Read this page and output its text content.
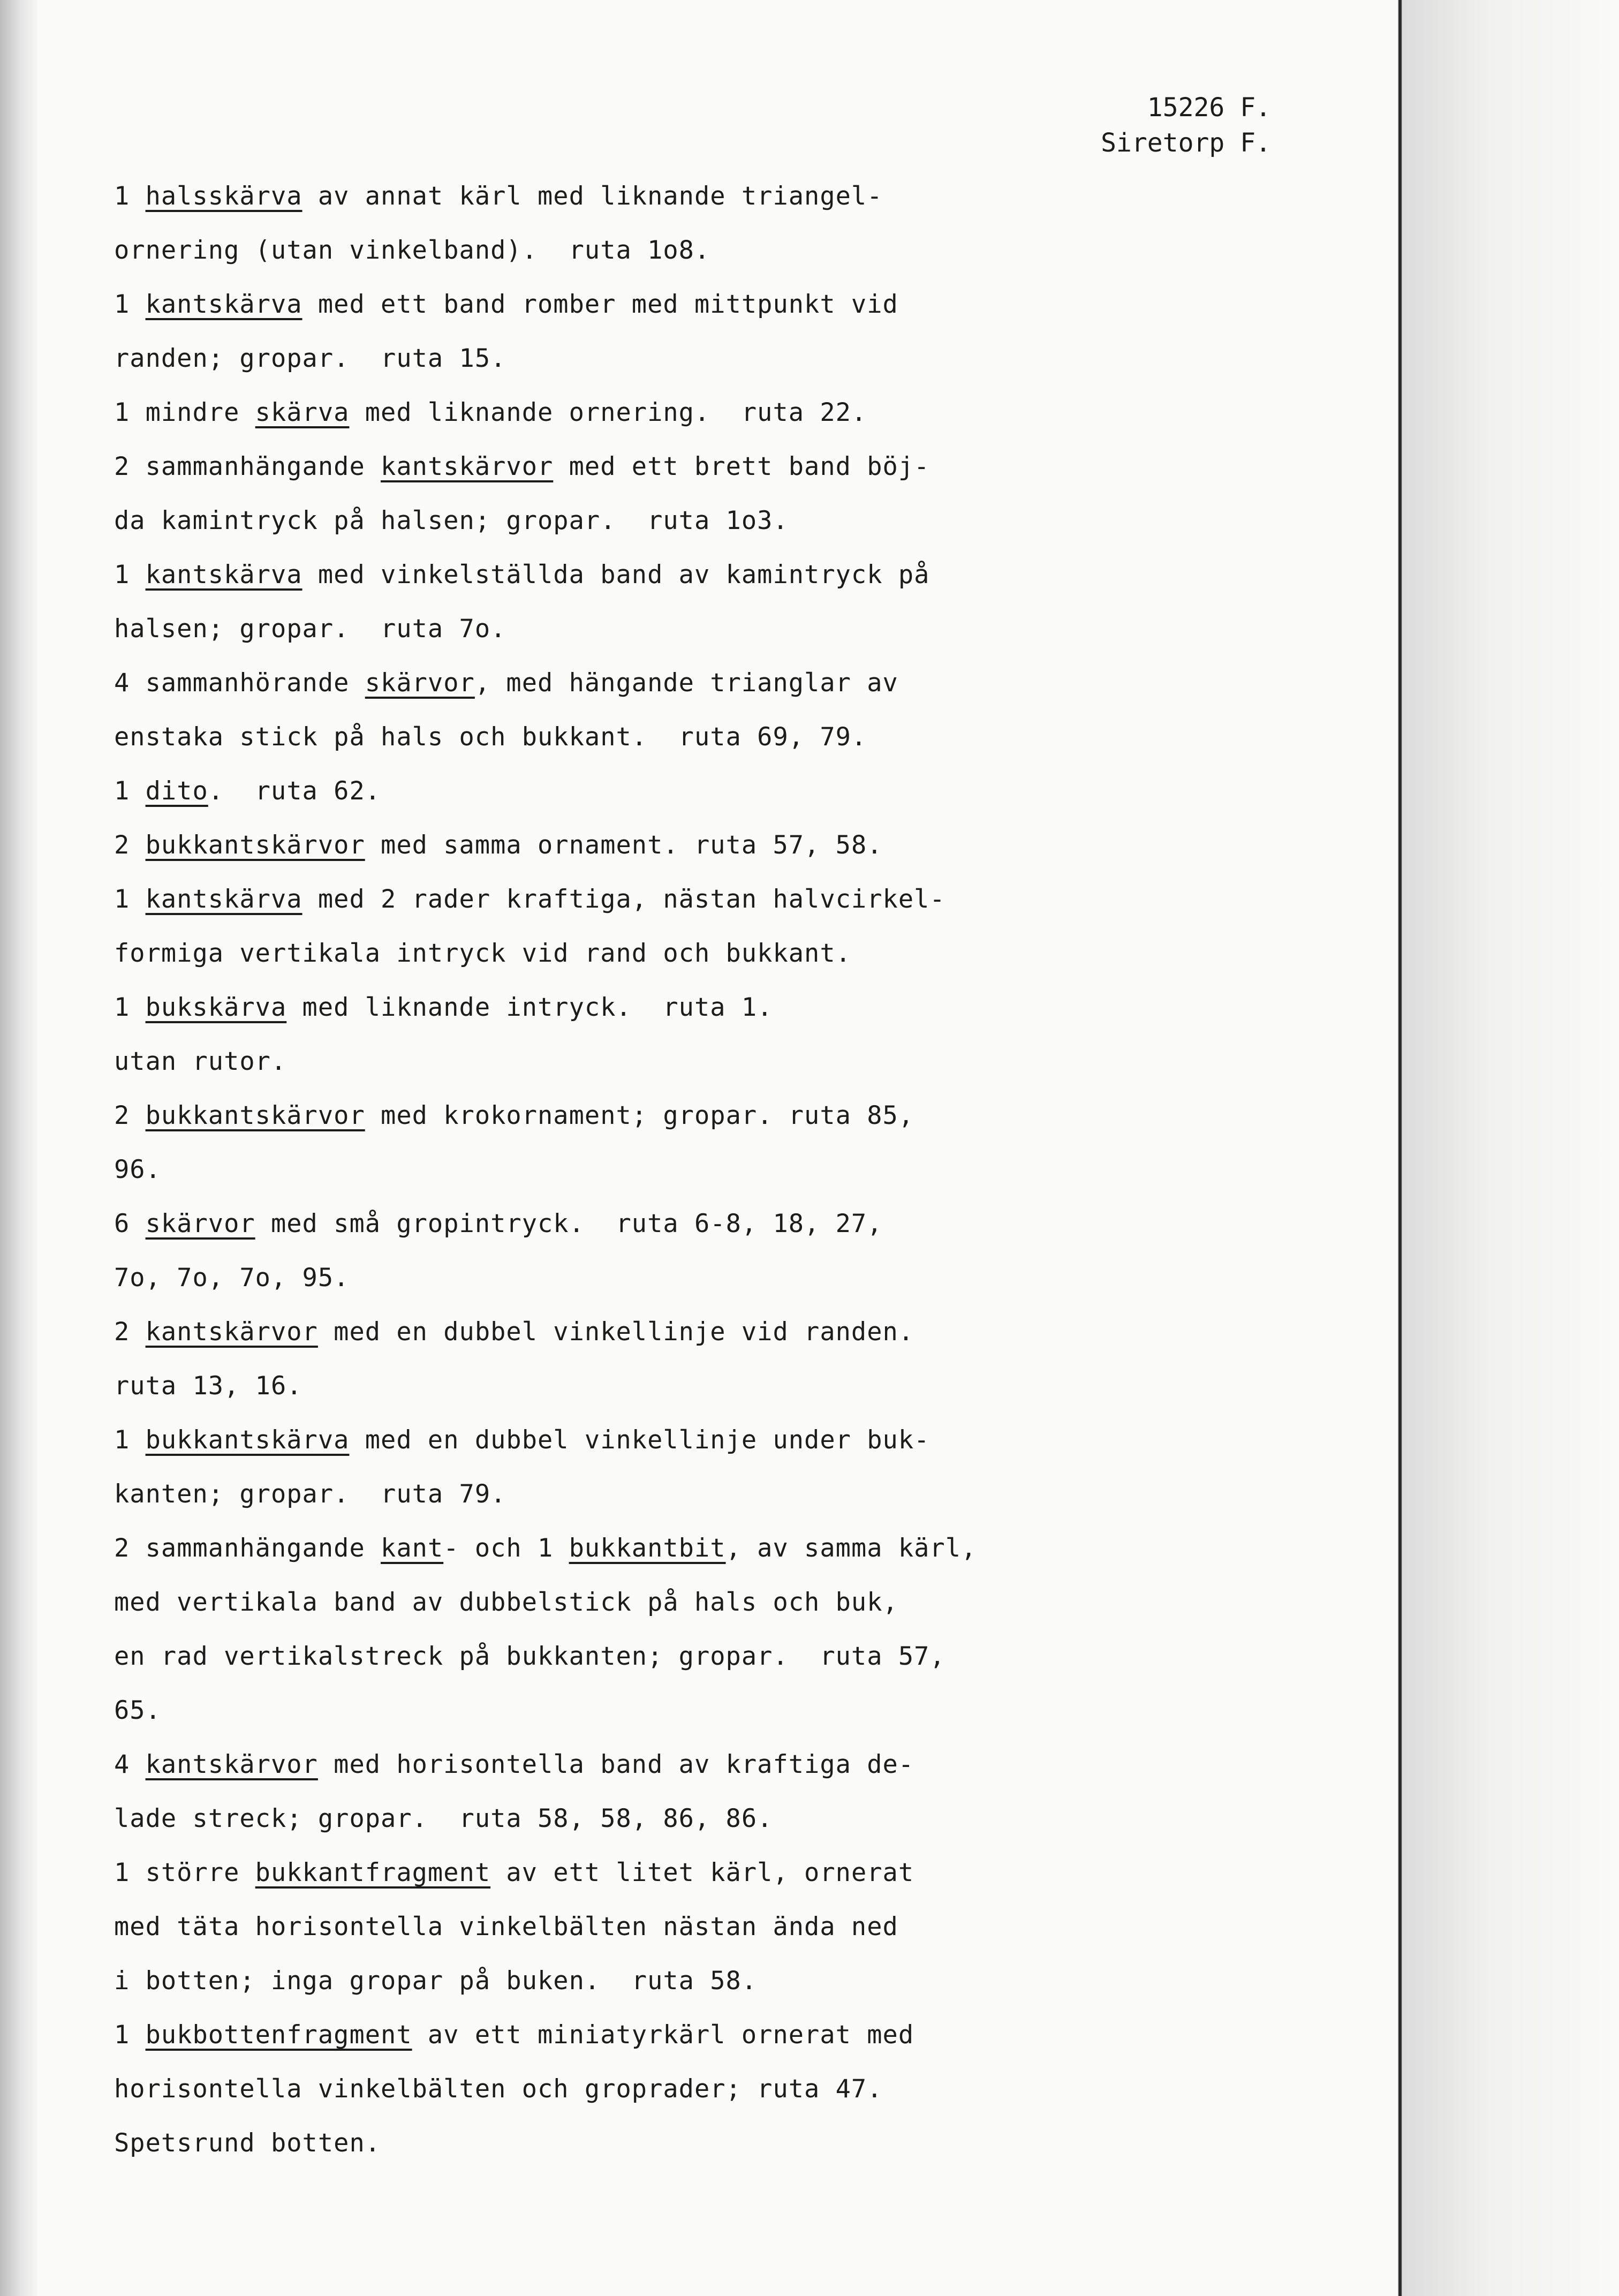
15226 F.
Siretorp F.
1 halsskärva av annat kärl med liknande triangel-
ornering (utan vinkelband).  ruta 1o8.
1 kantskärva med ett band romber med mittpunkt vid
randen; gropar.  ruta 15.
1 mindre skärva med liknande ornering.  ruta 22.
2 sammanhängande kantskärvor med ett brett band böj-
da kamintryck på halsen; gropar.  ruta 1o3.
1 kantskärva med vinkelställda band av kamintryck på
halsen; gropar.  ruta 7o.
4 sammanhörande skärvor, med hängande trianglar av
enstaka stick på hals och bukkant.  ruta 69, 79.
1 dito.  ruta 62.
2 bukkantskärvor med samma ornament. ruta 57, 58.
1 kantskärva med 2 rader kraftiga, nästan halvcirkel-
formiga vertikala intryck vid rand och bukkant.
1 bukskärva med liknande intryck.  ruta 1.
utan rutor.
2 bukkantskärvor med krokornament; gropar. ruta 85,
96.
6 skärvor med små gropintryck.  ruta 6-8, 18, 27,
7o, 7o, 7o, 95.
2 kantskärvor med en dubbel vinkellinje vid randen.
ruta 13, 16.
1 bukkantskärva med en dubbel vinkellinje under buk-
kanten; gropar.  ruta 79.
2 sammanhängande kant- och 1 bukkantbit, av samma kärl,
med vertikala band av dubbelstick på hals och buk,
en rad vertikalstreck på bukkanten; gropar.  ruta 57,
65.
4 kantskärvor med horisontella band av kraftiga de-
lade streck; gropar.  ruta 58, 58, 86, 86.
1 större bukkantfragment av ett litet kärl, ornerat
med täta horisontella vinkelbälten nästan ända ned
i botten; inga gropar på buken.  ruta 58.
1 bukbottenfragment av ett miniatyrkärl ornerat med
horisontella vinkelbälten och groprader; ruta 47.
Spetsrund botten.
